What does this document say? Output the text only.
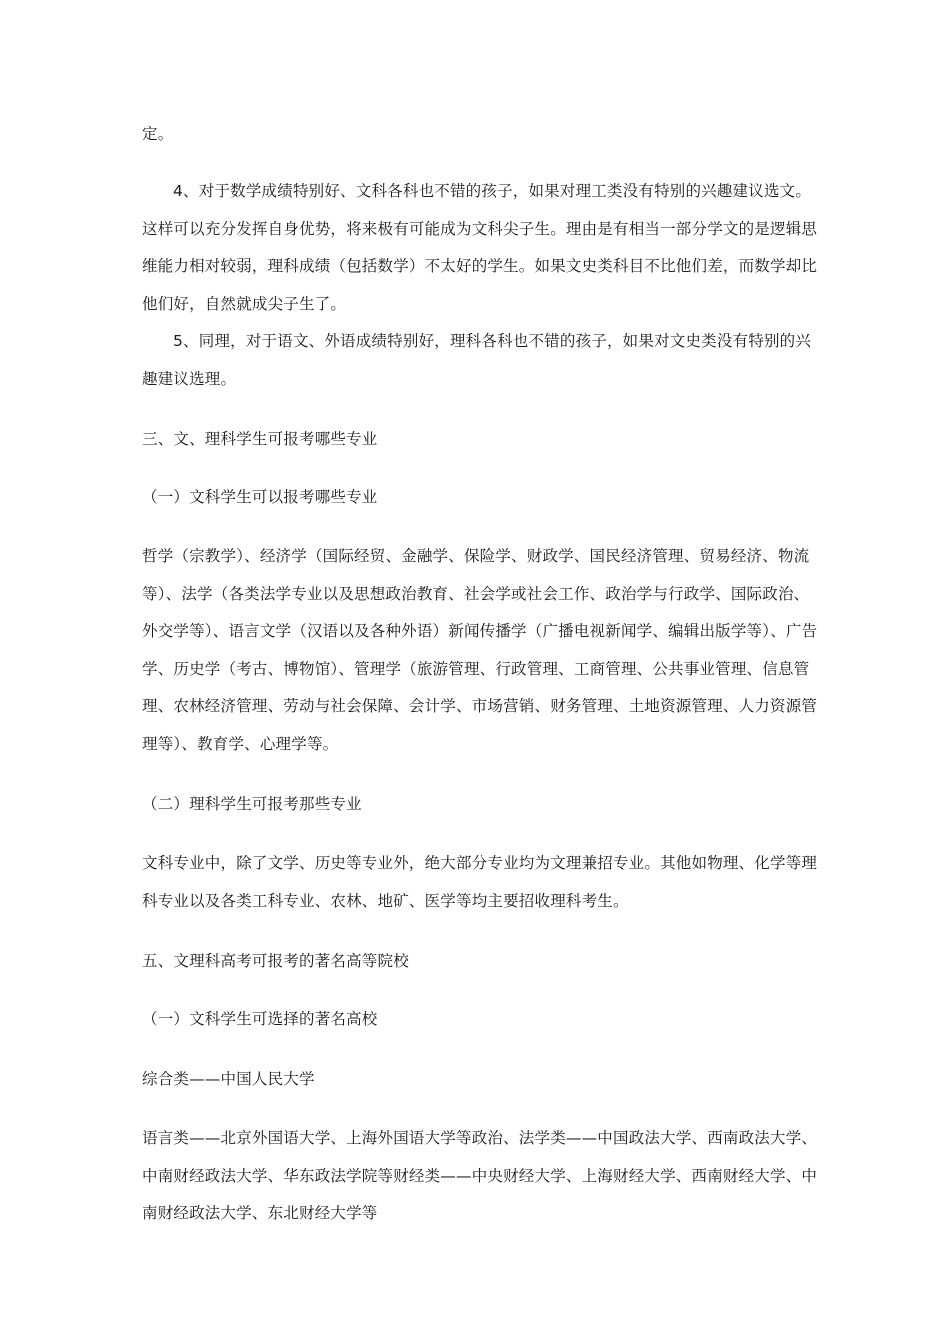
定。

4、对于数学成绩特别好、文科各科也不错的孩子，如果对理工类没有特别的兴趣建议选文。这样可以充分发挥自身优势，将来极有可能成为文科尖子生。理由是有相当一部分学文的是逻辑思维能力相对较弱，理科成绩（包括数学）不太好的学生。如果文史类科目不比他们差，而数学却比他们好，自然就成尖子生了。

5、同理，对于语文、外语成绩特别好，理科各科也不错的孩子，如果对文史类没有特别的兴趣建议选理。

三、文、理科学生可报考哪些专业

（一）文科学生可以报考哪些专业

哲学（宗教学）、经济学（国际经贸、金融学、保险学、财政学、国民经济管理、贸易经济、物流等）、法学（各类法学专业以及思想政治教育、社会学或社会工作、政治学与行政学、国际政治、外交学等）、语言文学（汉语以及各种外语）新闻传播学（广播电视新闻学、编辑出版学等）、广告学、历史学（考古、博物馆）、管理学（旅游管理、行政管理、工商管理、公共事业管理、信息管理、农林经济管理、劳动与社会保障、会计学、市场营销、财务管理、土地资源管理、人力资源管理等）、教育学、心理学等。

（二）理科学生可报考那些专业

文科专业中，除了文学、历史等专业外，绝大部分专业均为文理兼招专业。其他如物理、化学等理科专业以及各类工科专业、农林、地矿、医学等均主要招收理科考生。

五、文理科高考可报考的著名高等院校

（一）文科学生可选择的著名高校

综合类——中国人民大学

语言类——北京外国语大学、上海外国语大学等政治、法学类——中国政法大学、西南政法大学、中南财经政法大学、华东政法学院等财经类——中央财经大学、上海财经大学、西南财经大学、中南财经政法大学、东北财经大学等
